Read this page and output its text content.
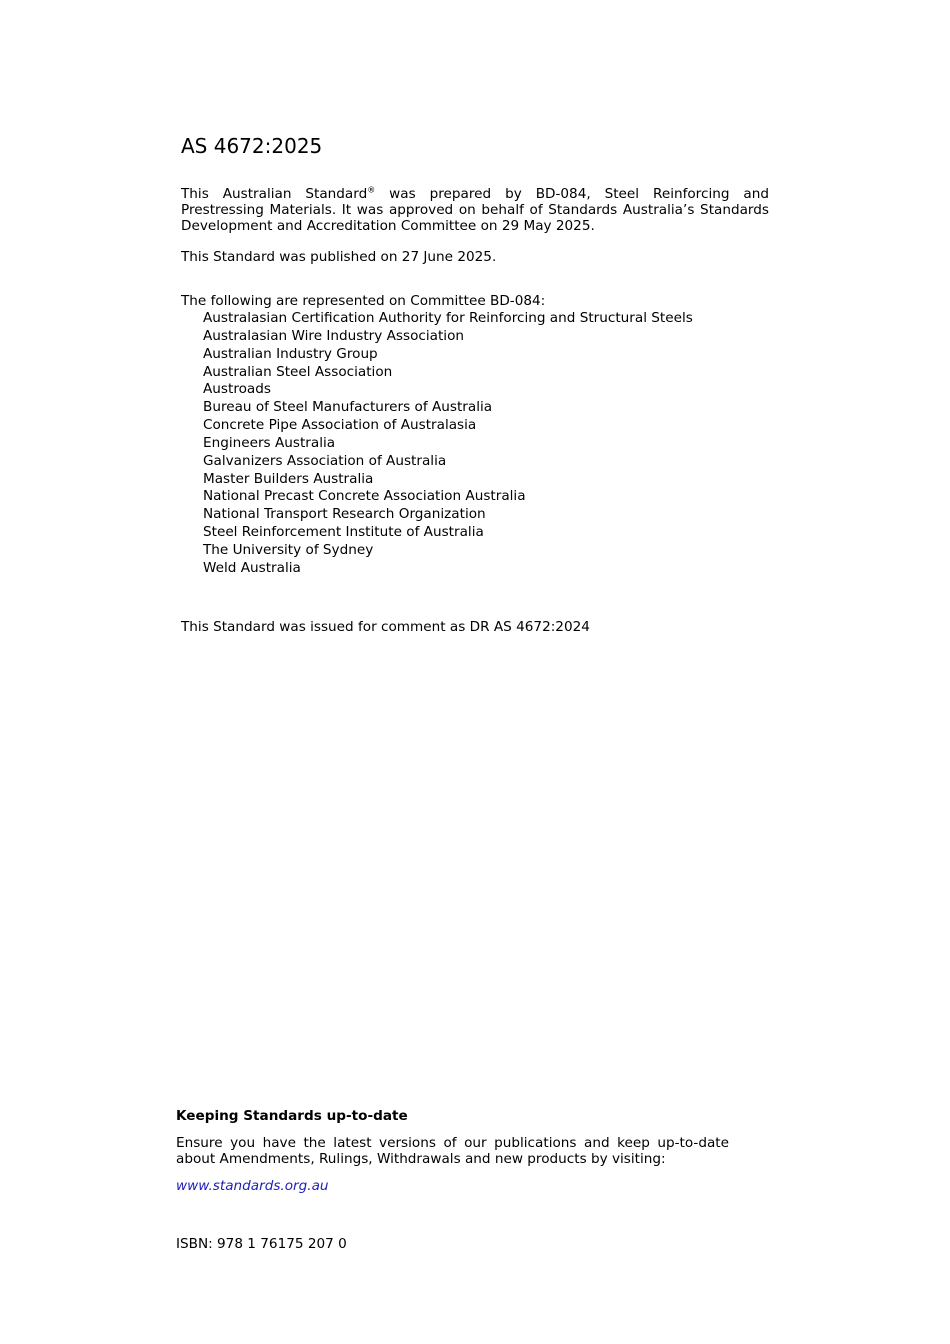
AS 4672:2025

This Australian Standard® was prepared by BD-084, Steel Reinforcing and Prestressing Materials. It was approved on behalf of Standards Australia’s Standards Development and Accreditation Committee on 29 May 2025.

This Standard was published on 27 June 2025.

The following are represented on Committee BD-084:

Australasian Certification Authority for Reinforcing and Structural Steels
Australasian Wire Industry Association
Australian Industry Group
Australian Steel Association
Austroads
Bureau of Steel Manufacturers of Australia
Concrete Pipe Association of Australasia
Engineers Australia
Galvanizers Association of Australia
Master Builders Australia
National Precast Concrete Association Australia
National Transport Research Organization
Steel Reinforcement Institute of Australia
The University of Sydney
Weld Australia

This Standard was issued for comment as DR AS 4672:2024

Keeping Standards up-to-date

Ensure you have the latest versions of our publications and keep up-to-date about Amendments, Rulings, Withdrawals and new products by visiting:

www.standards.org.au

ISBN: 978 1 76175 207 0
